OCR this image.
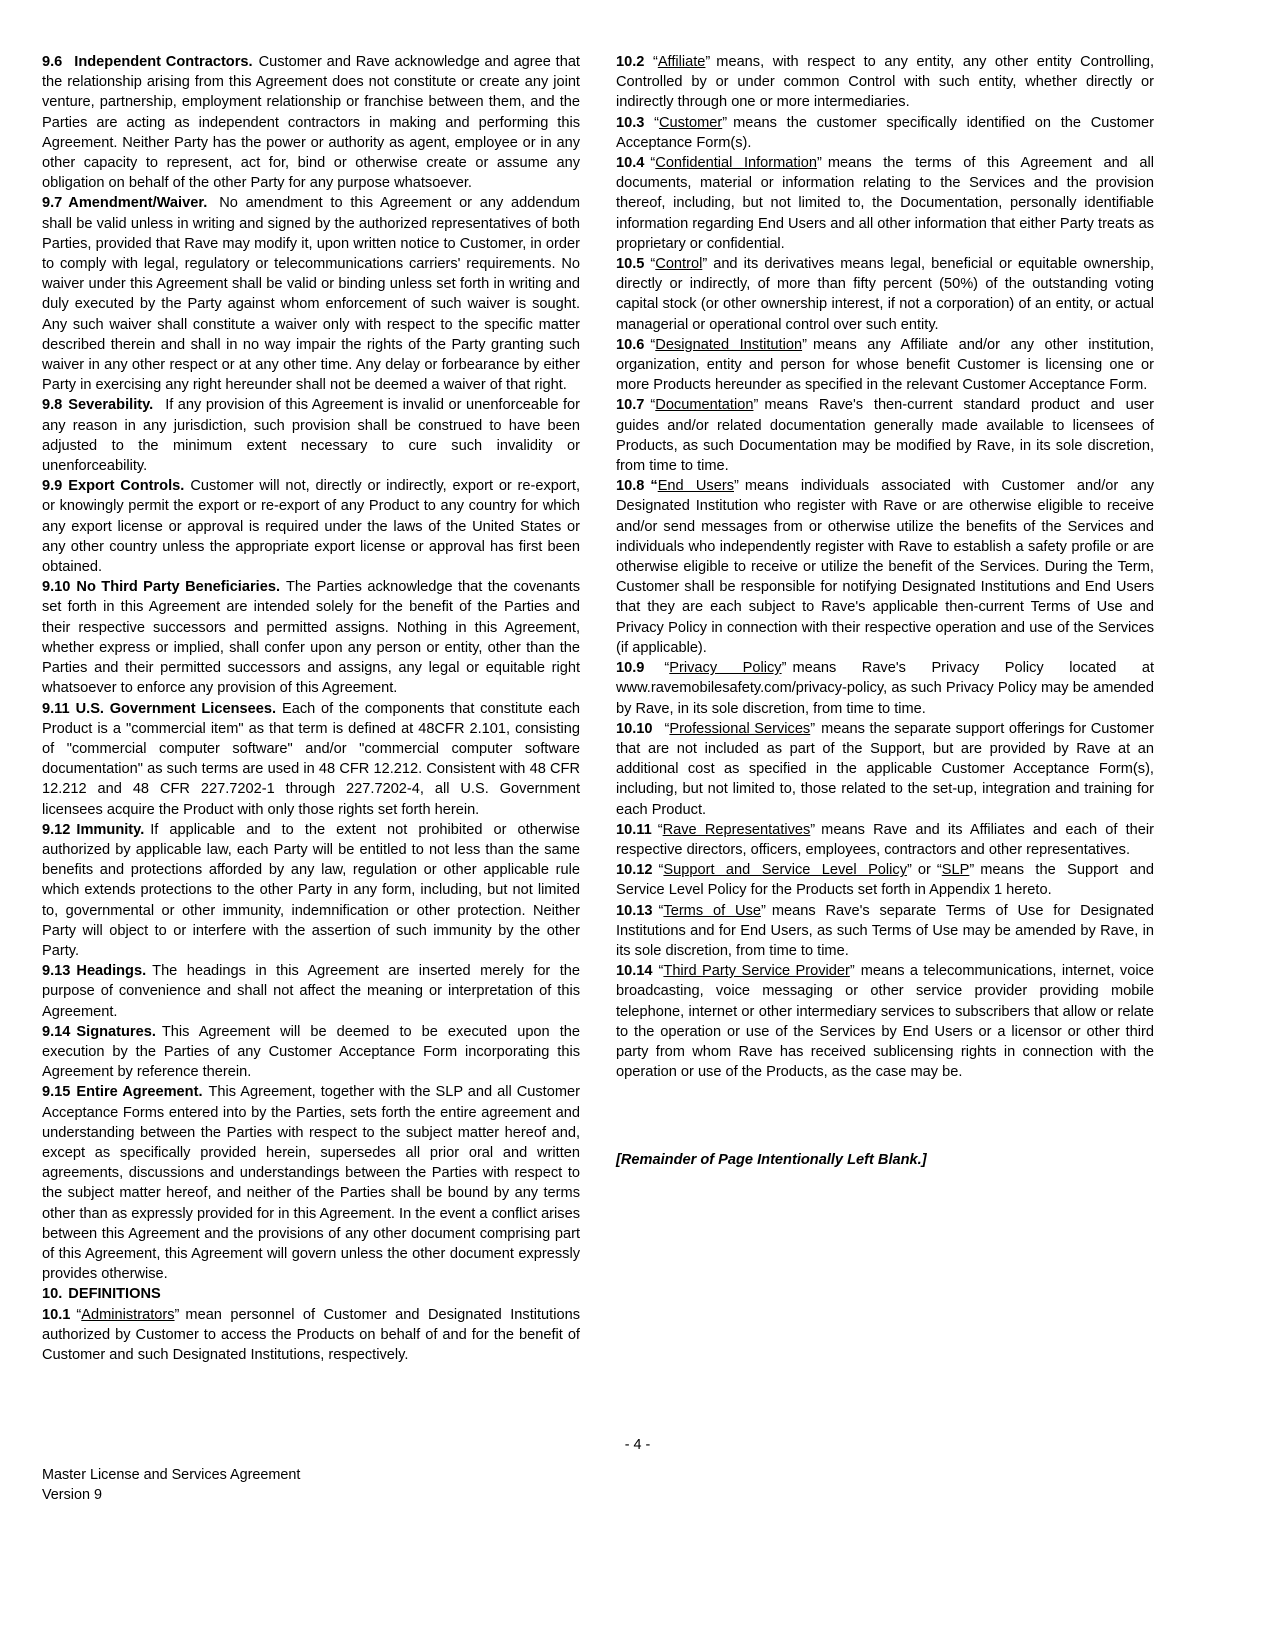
9.6 Independent Contractors. Customer and Rave acknowledge and agree that the relationship arising from this Agreement does not constitute or create any joint venture, partnership, employment relationship or franchise between them, and the Parties are acting as independent contractors in making and performing this Agreement. Neither Party has the power or authority as agent, employee or in any other capacity to represent, act for, bind or otherwise create or assume any obligation on behalf of the other Party for any purpose whatsoever.

9.7 Amendment/Waiver. No amendment to this Agreement or any addendum shall be valid unless in writing and signed by the authorized representatives of both Parties, provided that Rave may modify it, upon written notice to Customer, in order to comply with legal, regulatory or telecommunications carriers' requirements. No waiver under this Agreement shall be valid or binding unless set forth in writing and duly executed by the Party against whom enforcement of such waiver is sought. Any such waiver shall constitute a waiver only with respect to the specific matter described therein and shall in no way impair the rights of the Party granting such waiver in any other respect or at any other time. Any delay or forbearance by either Party in exercising any right hereunder shall not be deemed a waiver of that right.

9.8 Severability. If any provision of this Agreement is invalid or unenforceable for any reason in any jurisdiction, such provision shall be construed to have been adjusted to the minimum extent necessary to cure such invalidity or unenforceability.

9.9 Export Controls. Customer will not, directly or indirectly, export or re-export, or knowingly permit the export or re-export of any Product to any country for which any export license or approval is required under the laws of the United States or any other country unless the appropriate export license or approval has first been obtained.

9.10 No Third Party Beneficiaries. The Parties acknowledge that the covenants set forth in this Agreement are intended solely for the benefit of the Parties and their respective successors and permitted assigns. Nothing in this Agreement, whether express or implied, shall confer upon any person or entity, other than the Parties and their permitted successors and assigns, any legal or equitable right whatsoever to enforce any provision of this Agreement.

9.11 U.S. Government Licensees. Each of the components that constitute each Product is a "commercial item" as that term is defined at 48CFR 2.101, consisting of "commercial computer software" and/or "commercial computer software documentation" as such terms are used in 48 CFR 12.212. Consistent with 48 CFR 12.212 and 48 CFR 227.7202-1 through 227.7202-4, all U.S. Government licensees acquire the Product with only those rights set forth herein.

9.12 Immunity. If applicable and to the extent not prohibited or otherwise authorized by applicable law, each Party will be entitled to not less than the same benefits and protections afforded by any law, regulation or other applicable rule which extends protections to the other Party in any form, including, but not limited to, governmental or other immunity, indemnification or other protection. Neither Party will object to or interfere with the assertion of such immunity by the other Party.

9.13 Headings. The headings in this Agreement are inserted merely for the purpose of convenience and shall not affect the meaning or interpretation of this Agreement.

9.14 Signatures. This Agreement will be deemed to be executed upon the execution by the Parties of any Customer Acceptance Form incorporating this Agreement by reference therein.

9.15 Entire Agreement. This Agreement, together with the SLP and all Customer Acceptance Forms entered into by the Parties, sets forth the entire agreement and understanding between the Parties with respect to the subject matter hereof and, except as specifically provided herein, supersedes all prior oral and written agreements, discussions and understandings between the Parties with respect to the subject matter hereof, and neither of the Parties shall be bound by any terms other than as expressly provided for in this Agreement. In the event a conflict arises between this Agreement and the provisions of any other document comprising part of this Agreement, this Agreement will govern unless the other document expressly provides otherwise.

10. DEFINITIONS

10.1 “Administrators” mean personnel of Customer and Designated Institutions authorized by Customer to access the Products on behalf of and for the benefit of Customer and such Designated Institutions, respectively.

10.2 “Affiliate” means, with respect to any entity, any other entity Controlling, Controlled by or under common Control with such entity, whether directly or indirectly through one or more intermediaries.

10.3 “Customer” means the customer specifically identified on the Customer Acceptance Form(s).

10.4 “Confidential Information” means the terms of this Agreement and all documents, material or information relating to the Services and the provision thereof, including, but not limited to, the Documentation, personally identifiable information regarding End Users and all other information that either Party treats as proprietary or confidential.

10.5 “Control” and its derivatives means legal, beneficial or equitable ownership, directly or indirectly, of more than fifty percent (50%) of the outstanding voting capital stock (or other ownership interest, if not a corporation) of an entity, or actual managerial or operational control over such entity.

10.6 “Designated Institution” means any Affiliate and/or any other institution, organization, entity and person for whose benefit Customer is licensing one or more Products hereunder as specified in the relevant Customer Acceptance Form.

10.7 “Documentation” means Rave's then-current standard product and user guides and/or related documentation generally made available to licensees of Products, as such Documentation may be modified by Rave, in its sole discretion, from time to time.

10.8 “End Users” means individuals associated with Customer and/or any Designated Institution who register with Rave or are otherwise eligible to receive and/or send messages from or otherwise utilize the benefits of the Services and individuals who independently register with Rave to establish a safety profile or are otherwise eligible to receive or utilize the benefit of the Services. During the Term, Customer shall be responsible for notifying Designated Institutions and End Users that they are each subject to Rave's applicable then-current Terms of Use and Privacy Policy in connection with their respective operation and use of the Services (if applicable).

10.9 “Privacy Policy” means Rave's Privacy Policy located at www.ravemobilesafety.com/privacy-policy, as such Privacy Policy may be amended by Rave, in its sole discretion, from time to time.

10.10 “Professional Services” means the separate support offerings for Customer that are not included as part of the Support, but are provided by Rave at an additional cost as specified in the applicable Customer Acceptance Form(s), including, but not limited to, those related to the set-up, integration and training for each Product.

10.11 “Rave Representatives” means Rave and its Affiliates and each of their respective directors, officers, employees, contractors and other representatives.

10.12 “Support and Service Level Policy” or “SLP” means the Support and Service Level Policy for the Products set forth in Appendix 1 hereto.

10.13 “Terms of Use” means Rave's separate Terms of Use for Designated Institutions and for End Users, as such Terms of Use may be amended by Rave, in its sole discretion, from time to time.

10.14 “Third Party Service Provider” means a telecommunications, internet, voice broadcasting, voice messaging or other service provider providing mobile telephone, internet or other intermediary services to subscribers that allow or relate to the operation or use of the Services by End Users or a licensor or other third party from whom Rave has received sublicensing rights in connection with the operation or use of the Products, as the case may be.

[Remainder of Page Intentionally Left Blank.]
- 4 -
Master License and Services Agreement
Version 9
